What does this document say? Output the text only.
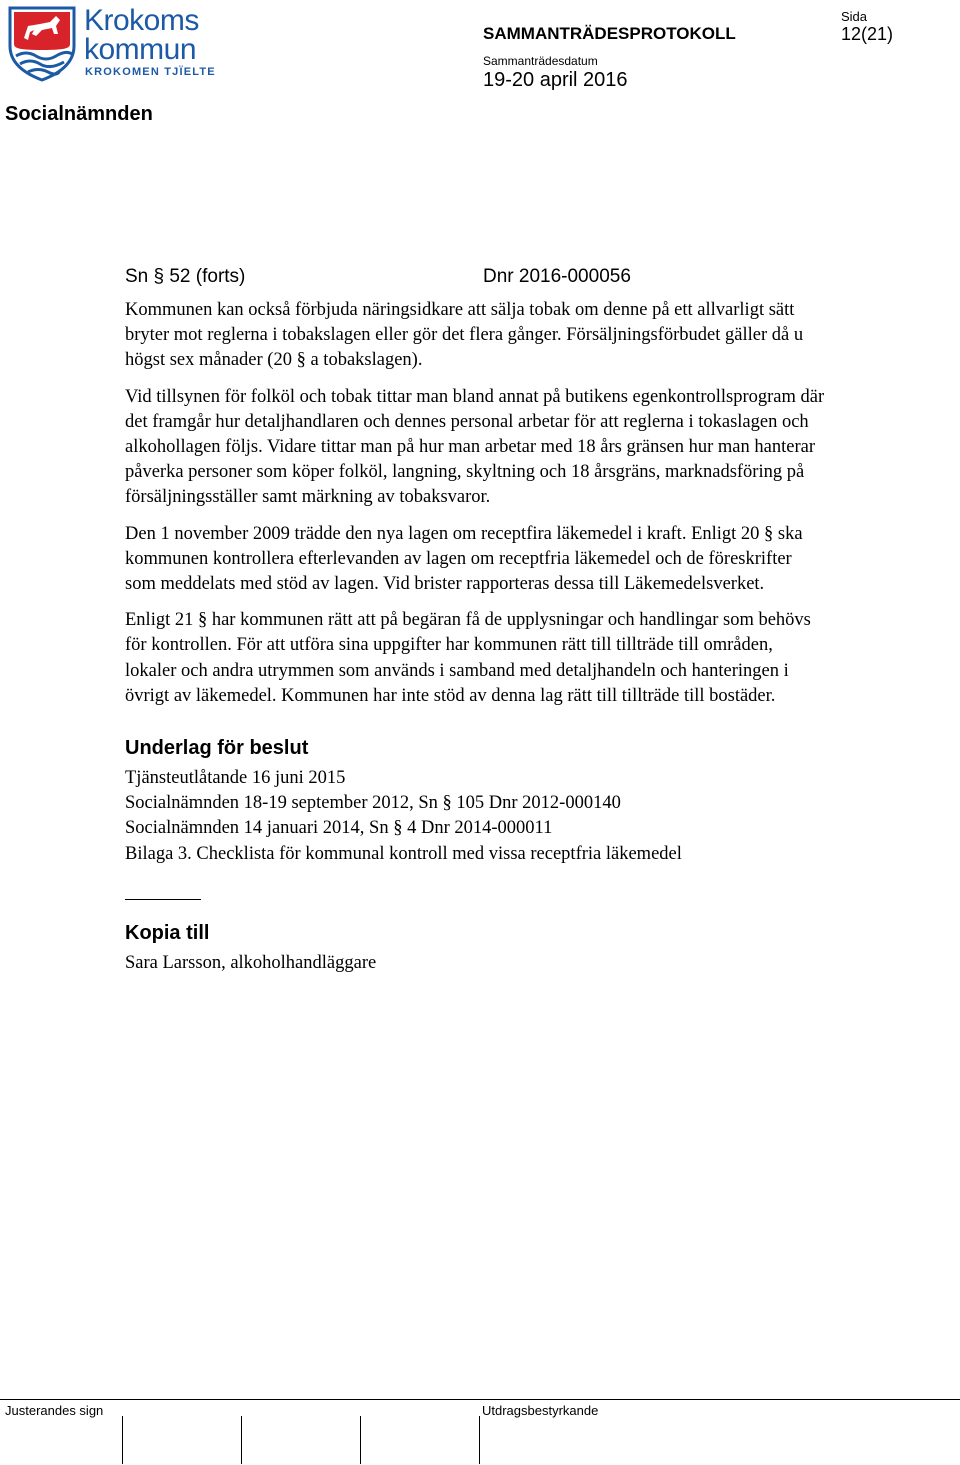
Krokoms
kommun
KROKOMEN TJÏELTE
Socialnämnden
SAMMANTRÄDESPROTOKOLL
Sammanträdesdatum
19-20 april 2016
Sida
12(21)
Sn § 52 (forts)	Dnr 2016-000056

Kommunen kan också förbjuda näringsidkare att sälja tobak om denne på ett allvarligt sätt bryter mot reglerna i tobakslagen eller gör det flera gånger. Försäljningsförbudet gäller då u högst sex månader (20 § a tobakslagen).

Vid tillsynen för folköl och tobak tittar man bland annat på butikens egenkontrollsprogram där det framgår hur detaljhandlaren och dennes personal arbetar för att reglerna i tokaslagen och alkohollagen följs. Vidare tittar man på hur man arbetar med 18 års gränsen hur man hanterar påverka personer som köper folköl, langning, skyltning och 18 årsgräns, marknadsföring på försäljningsställer samt märkning av tobaksvaror.

Den 1 november 2009 trädde den nya lagen om receptfira läkemedel i kraft. Enligt 20 § ska kommunen kontrollera efterlevanden av lagen om receptfria läkemedel och de föreskrifter som meddelats med stöd av lagen. Vid brister rapporteras dessa till Läkemedelsverket.

Enligt 21 § har kommunen rätt att på begäran få de upplysningar och handlingar som behövs för kontrollen. För att utföra sina uppgifter har kommunen rätt till tillträde till områden, lokaler och andra utrymmen som används i samband med detaljhandeln och hanteringen i övrigt av läkemedel. Kommunen har inte stöd av denna lag rätt till tillträde till bostäder.

Underlag för beslut
Tjänsteutlåtande 16 juni 2015
Socialnämnden 18-19 september 2012, Sn § 105 Dnr 2012-000140
Socialnämnden 14 januari 2014, Sn § 4 Dnr 2014-000011
Bilaga 3. Checklista för kommunal kontroll med vissa receptfria läkemedel
Kopia till
Sara Larsson, alkoholhandläggare
Justerandes sign	Utdragsbestyrkande
